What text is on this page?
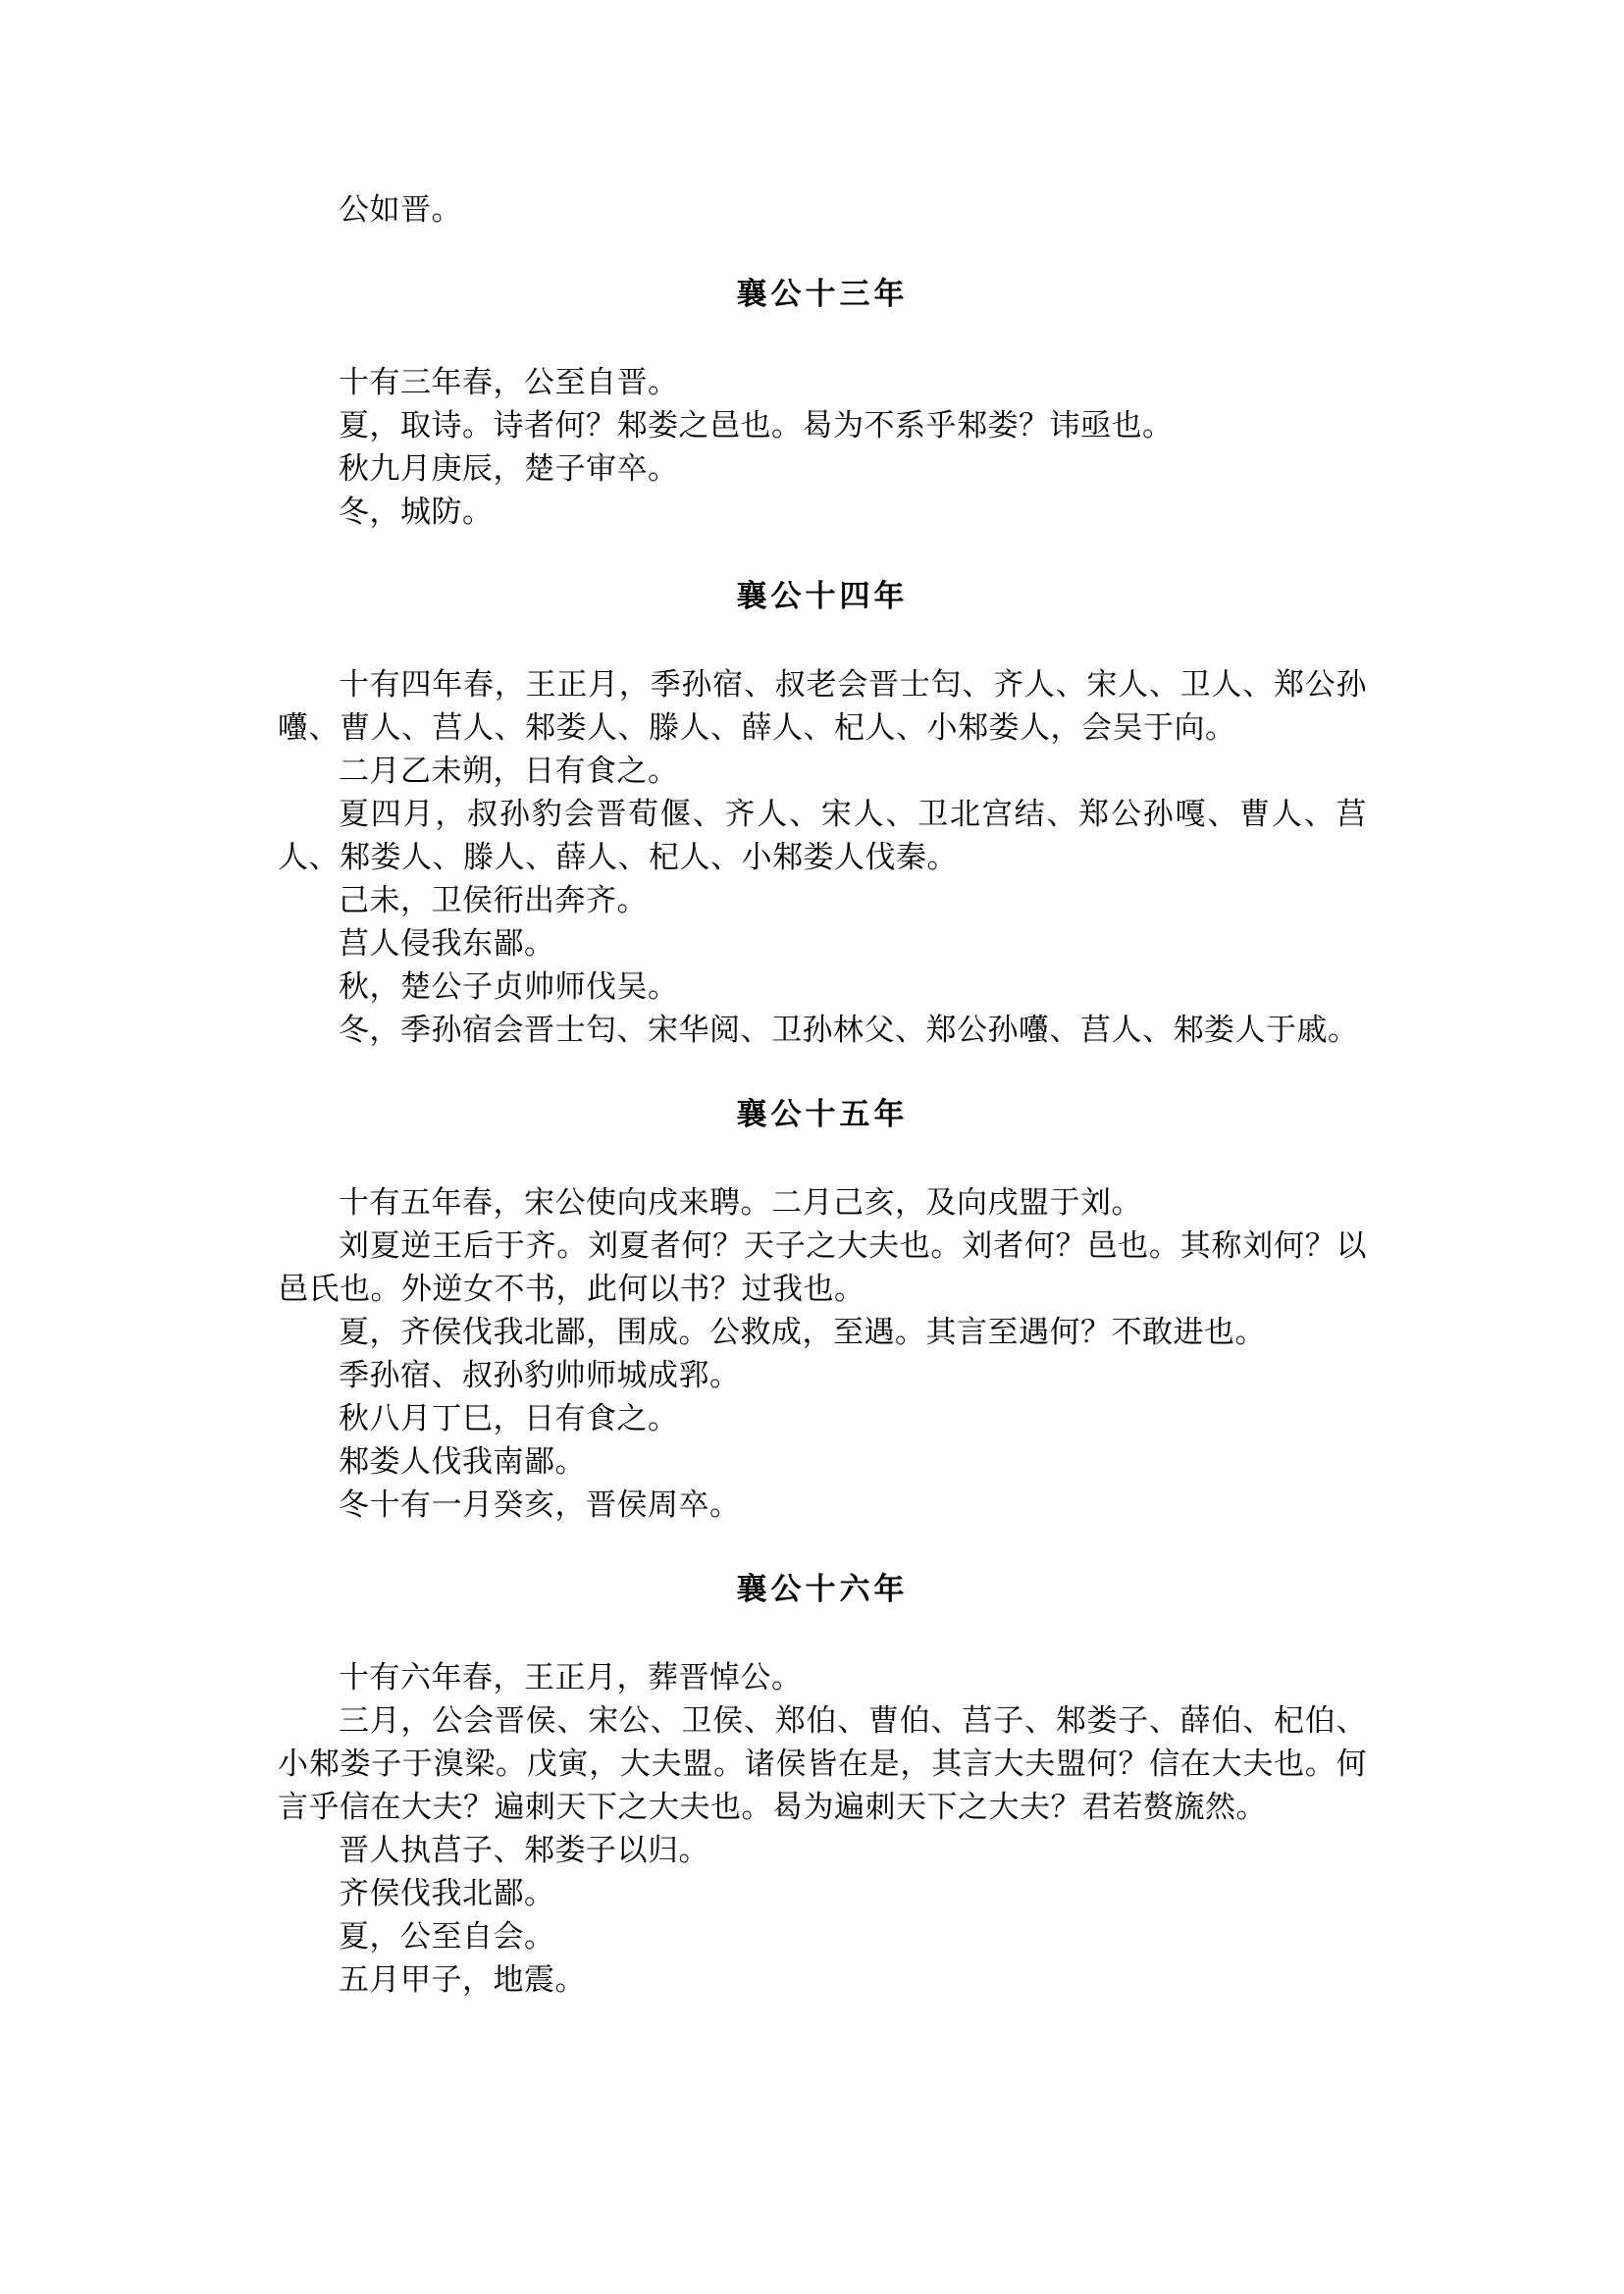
公如晋。

襄公十三年

十有三年春，公至自晋。

夏，取诗。诗者何？邾娄之邑也。曷为不系乎邾娄？讳亟也。

秋九月庚辰，楚子审卒。

冬，城防。

襄公十四年

十有四年春，王正月，季孙宿、叔老会晋士匄、齐人、宋人、卫人、郑公孙囆、曹人、莒人、邾娄人、滕人、薛人、杞人、小邾娄人，会吴于向。

二月乙未朔，日有食之。

夏四月，叔孙豹会晋荀偃、齐人、宋人、卫北宫结、郑公孙嘎、曹人、莒人、邾娄人、滕人、薛人、杞人、小邾娄人伐秦。

己未，卫侯衎出奔齐。

莒人侵我东鄙。

秋，楚公子贞帅师伐吴。

冬，季孙宿会晋士匄、宋华阅、卫孙林父、郑公孙囆、莒人、邾娄人于戚。

襄公十五年

十有五年春，宋公使向戌来聘。二月己亥，及向戌盟于刘。

刘夏逆王后于齐。刘夏者何？天子之大夫也。刘者何？邑也。其称刘何？以邑氏也。外逆女不书，此何以书？过我也。

夏，齐侯伐我北鄙，围成。公救成，至遇。其言至遇何？不敢进也。

季孙宿、叔孙豹帅师城成郛。

秋八月丁巳，日有食之。

邾娄人伐我南鄙。

冬十有一月癸亥，晋侯周卒。

襄公十六年

十有六年春，王正月，葬晋悼公。

三月，公会晋侯、宋公、卫侯、郑伯、曹伯、莒子、邾娄子、薛伯、杞伯、小邾娄子于溴梁。戊寅，大夫盟。诸侯皆在是，其言大夫盟何？信在大夫也。何言乎信在大夫？遍刺天下之大夫也。曷为遍刺天下之大夫？君若赘旒然。

晋人执莒子、邾娄子以归。

齐侯伐我北鄙。

夏，公至自会。

五月甲子，地震。
